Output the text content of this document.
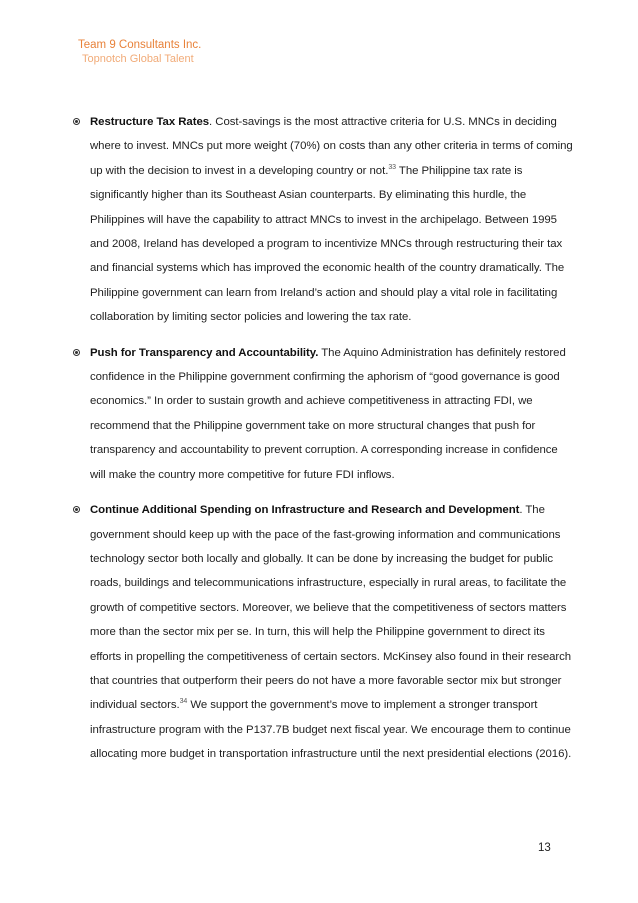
Team 9 Consultants Inc.
Topnotch Global Talent

Restructure Tax Rates. Cost-savings is the most attractive criteria for U.S. MNCs in deciding where to invest. MNCs put more weight (70%) on costs than any other criteria in terms of coming up with the decision to invest in a developing country or not.$^{33}$ The Philippine tax rate is significantly higher than its Southeast Asian counterparts. By eliminating this hurdle, the Philippines will have the capability to attract MNCs to invest in the archipelago. Between 1995 and 2008, Ireland has developed a program to incentivize MNCs through restructuring their tax and financial systems which has improved the economic health of the country dramatically. The Philippine government can learn from Ireland’s action and should play a vital role in facilitating collaboration by limiting sector policies and lowering the tax rate.

Push for Transparency and Accountability. The Aquino Administration has definitely restored confidence in the Philippine government confirming the aphorism of “good governance is good economics.” In order to sustain growth and achieve competitiveness in attracting FDI, we recommend that the Philippine government take on more structural changes that push for transparency and accountability to prevent corruption. A corresponding increase in confidence will make the country more competitive for future FDI inflows.

Continue Additional Spending on Infrastructure and Research and Development. The government should keep up with the pace of the fast-growing information and communications technology sector both locally and globally. It can be done by increasing the budget for public roads, buildings and telecommunications infrastructure, especially in rural areas, to facilitate the growth of competitive sectors. Moreover, we believe that the competitiveness of sectors matters more than the sector mix per se. In turn, this will help the Philippine government to direct its efforts in propelling the competitiveness of certain sectors. McKinsey also found in their research that countries that outperform their peers do not have a more favorable sector mix but stronger individual sectors.$^{34}$ We support the government’s move to implement a stronger transport infrastructure program with the P137.7B budget next fiscal year. We encourage them to continue allocating more budget in transportation infrastructure until the next presidential elections (2016).

13
